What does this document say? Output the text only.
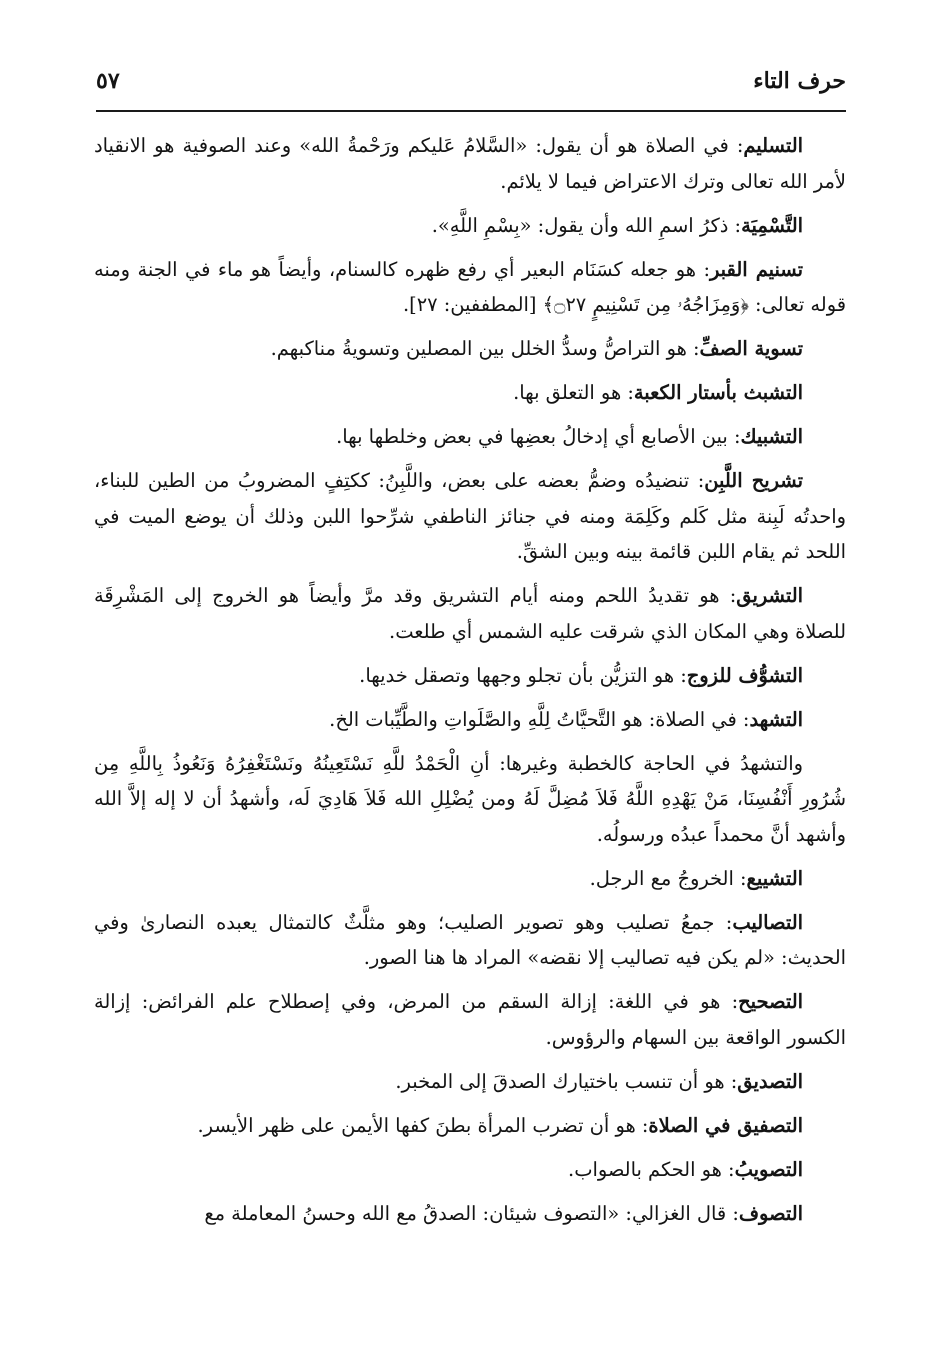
حرف التاء
٥٧

التسليم: في الصلاة هو أن يقول: «السَّلامُ عَليكم ورَحْمةُ الله» وعند الصوفية هو الانقياد لأمر الله تعالى وترك الاعتراض فيما لا يلائم.

التَّسْمِيَة: ذكرُ اسمِ الله وأن يقول: «بِسْمِ اللَّهِ».

تسنيم القبر: هو جعله كسَنَام البعير أي رفع ظهره كالسنام، وأيضاً هو ماء في الجنة ومنه قوله تعالى: ﴿وَمِزَاجُهُۥ مِن تَسْنِيمٍ ۝٢٧﴾ [المطففين: ٢٧].

تسوية الصفِّ: هو التراصُّ وسدُّ الخلل بين المصلين وتسويةُ مناكبهم.

التشبث بأستار الكعبة: هو التعلق بها.

التشبيك: بين الأصابع أي إدخالُ بعضِها في بعض وخلطها بها.

تشريح اللَّبِن: تنضيدُه وضمُّ بعضه على بعض، واللَّبِنُ: ككتِفٍ المضروبُ من الطين للبناء، واحدتُه لَبِنة مثل كَلم وكَلِمَة ومنه في جنائز الناطفي شرِّحوا اللبن وذلك أن يوضع الميت في اللحد ثم يقام اللبن قائمة بينه وبين الشقِّ.

التشريق: هو تقديدُ اللحم ومنه أيام التشريق وقد مرَّ وأيضاً هو الخروج إلى المَشْرِقَة للصلاة وهي المكان الذي شرقت عليه الشمس أي طلعت.

التشوُّف للزوج: هو التزيُّن بأن تجلو وجهها وتصقل خديها.

التشهد: في الصلاة: هو التَّحيَّاتُ لِلَّهِ والصَّلَواتِ والطَّيِّبات الخ.

والتشهدُ في الحاجة كالخطبة وغيرها: أنِ الْحَمْدُ للَّهِ نَسْتَعِينُهُ ونَسْتَغْفِرُهُ وَنَعُوذُ بِاللَّهِ مِن شُرُورِ أَنْفُسِنَا، مَنْ يَهْدِهِ اللَّهُ فَلاَ مُضِلَّ لَهُ ومن يُضْلِلِ الله فَلاَ هَادِيَ لَه، وأشهدُ أن لا إله إلاَّ الله وأشهد أنَّ محمداً عبدُه ورسولُه.

التشييع: الخروجُ مع الرجل.

التصاليب: جمعُ تصليب وهو تصوير الصليب؛ وهو مثلَّثٌ كالتمثال يعبده النصارىٰ وفي الحديث: «لم يكن فيه تصاليب إلا نقضه» المراد ها هنا الصور.

التصحيح: هو في اللغة: إزالة السقم من المرض، وفي إصطلاح علم الفرائض: إزالة الكسور الواقعة بين السهام والرؤوس.

التصديق: هو أن تنسب باختيارك الصدقَ إلى المخبر.

التصفيق في الصلاة: هو أن تضرب المرأة بطنَ كفها الأيمن على ظهر الأيسر.

التصويبُ: هو الحكم بالصواب.

التصوف: قال الغزالي: «التصوف شيئان: الصدقُ مع الله وحسنُ المعاملة مع
